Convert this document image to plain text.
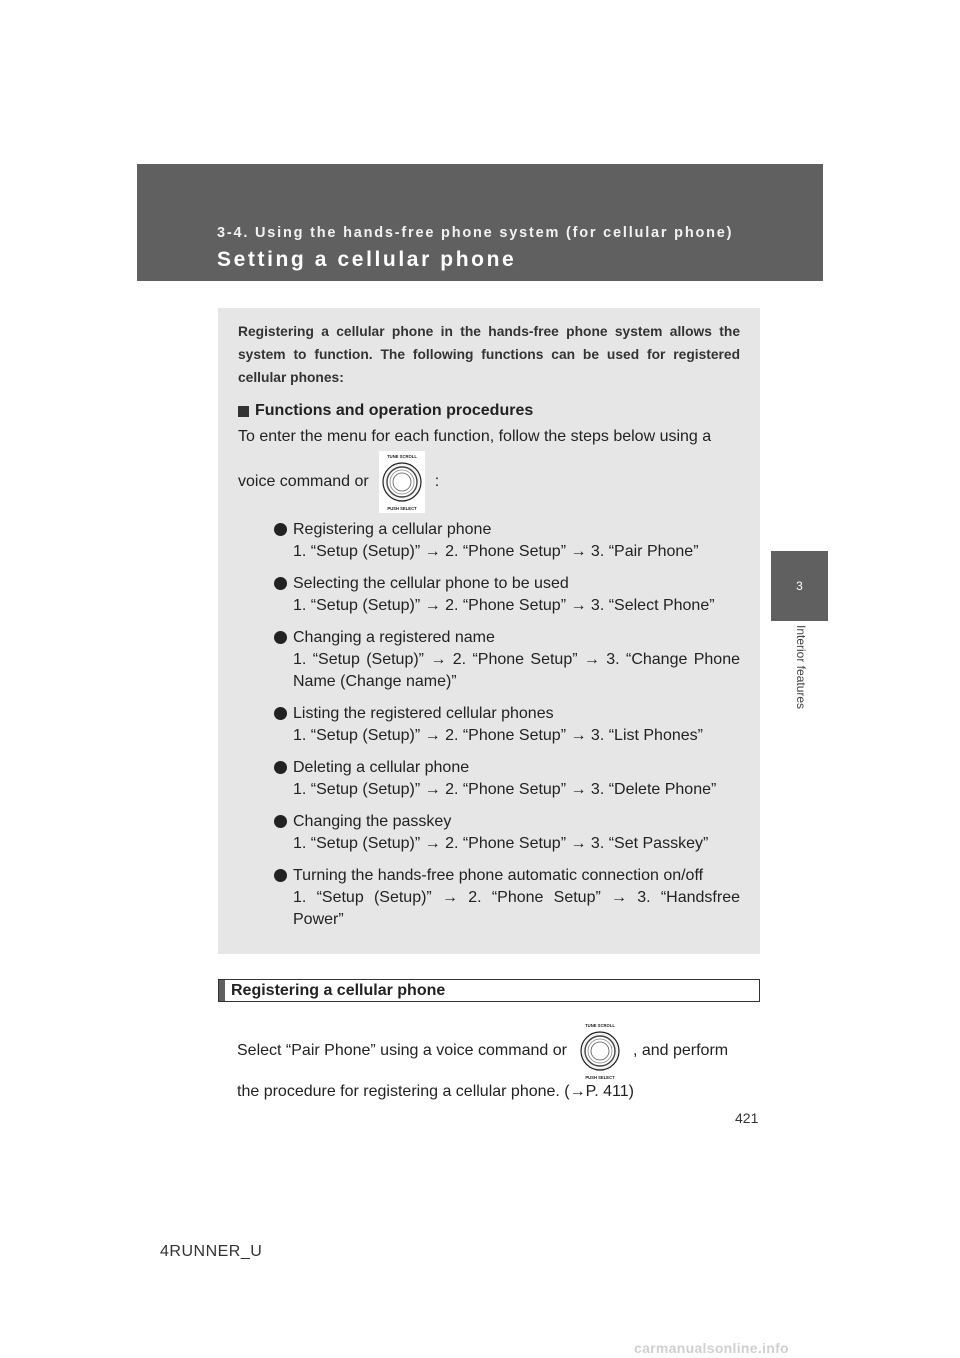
3-4. Using the hands-free phone system (for cellular phone)
Setting a cellular phone
3
Interior features

Registering a cellular phone in the hands-free phone system allows the system to function. The following functions can be used for registered cellular phones:

Functions and operation procedures
To enter the menu for each function, follow the steps below using a
voice command or
TUNE SCROLL
PUSH SELECT
:
Registering a cellular phone
1. “Setup (Setup)” → 2. “Phone Setup” → 3. “Pair Phone”
Selecting the cellular phone to be used
1. “Setup (Setup)” → 2. “Phone Setup” → 3. “Select Phone”
Changing a registered name
1. “Setup (Setup)” → 2. “Phone Setup” → 3. “Change Phone Name (Change name)”
Listing the registered cellular phones
1. “Setup (Setup)” → 2. “Phone Setup” → 3. “List Phones”
Deleting a cellular phone
1. “Setup (Setup)” → 2. “Phone Setup” → 3. “Delete Phone”
Changing the passkey
1. “Setup (Setup)” → 2. “Phone Setup” → 3. “Set Passkey”
Turning the hands-free phone automatic connection on/off
1. “Setup (Setup)” → 2. “Phone Setup” → 3. “Handsfree Power”
Registering a cellular phone
Select “Pair Phone” using a voice command or
TUNE SCROLL
PUSH SELECT
, and perform
the procedure for registering a cellular phone. (→P. 411)
421
4RUNNER_U
carmanualsonline.info
